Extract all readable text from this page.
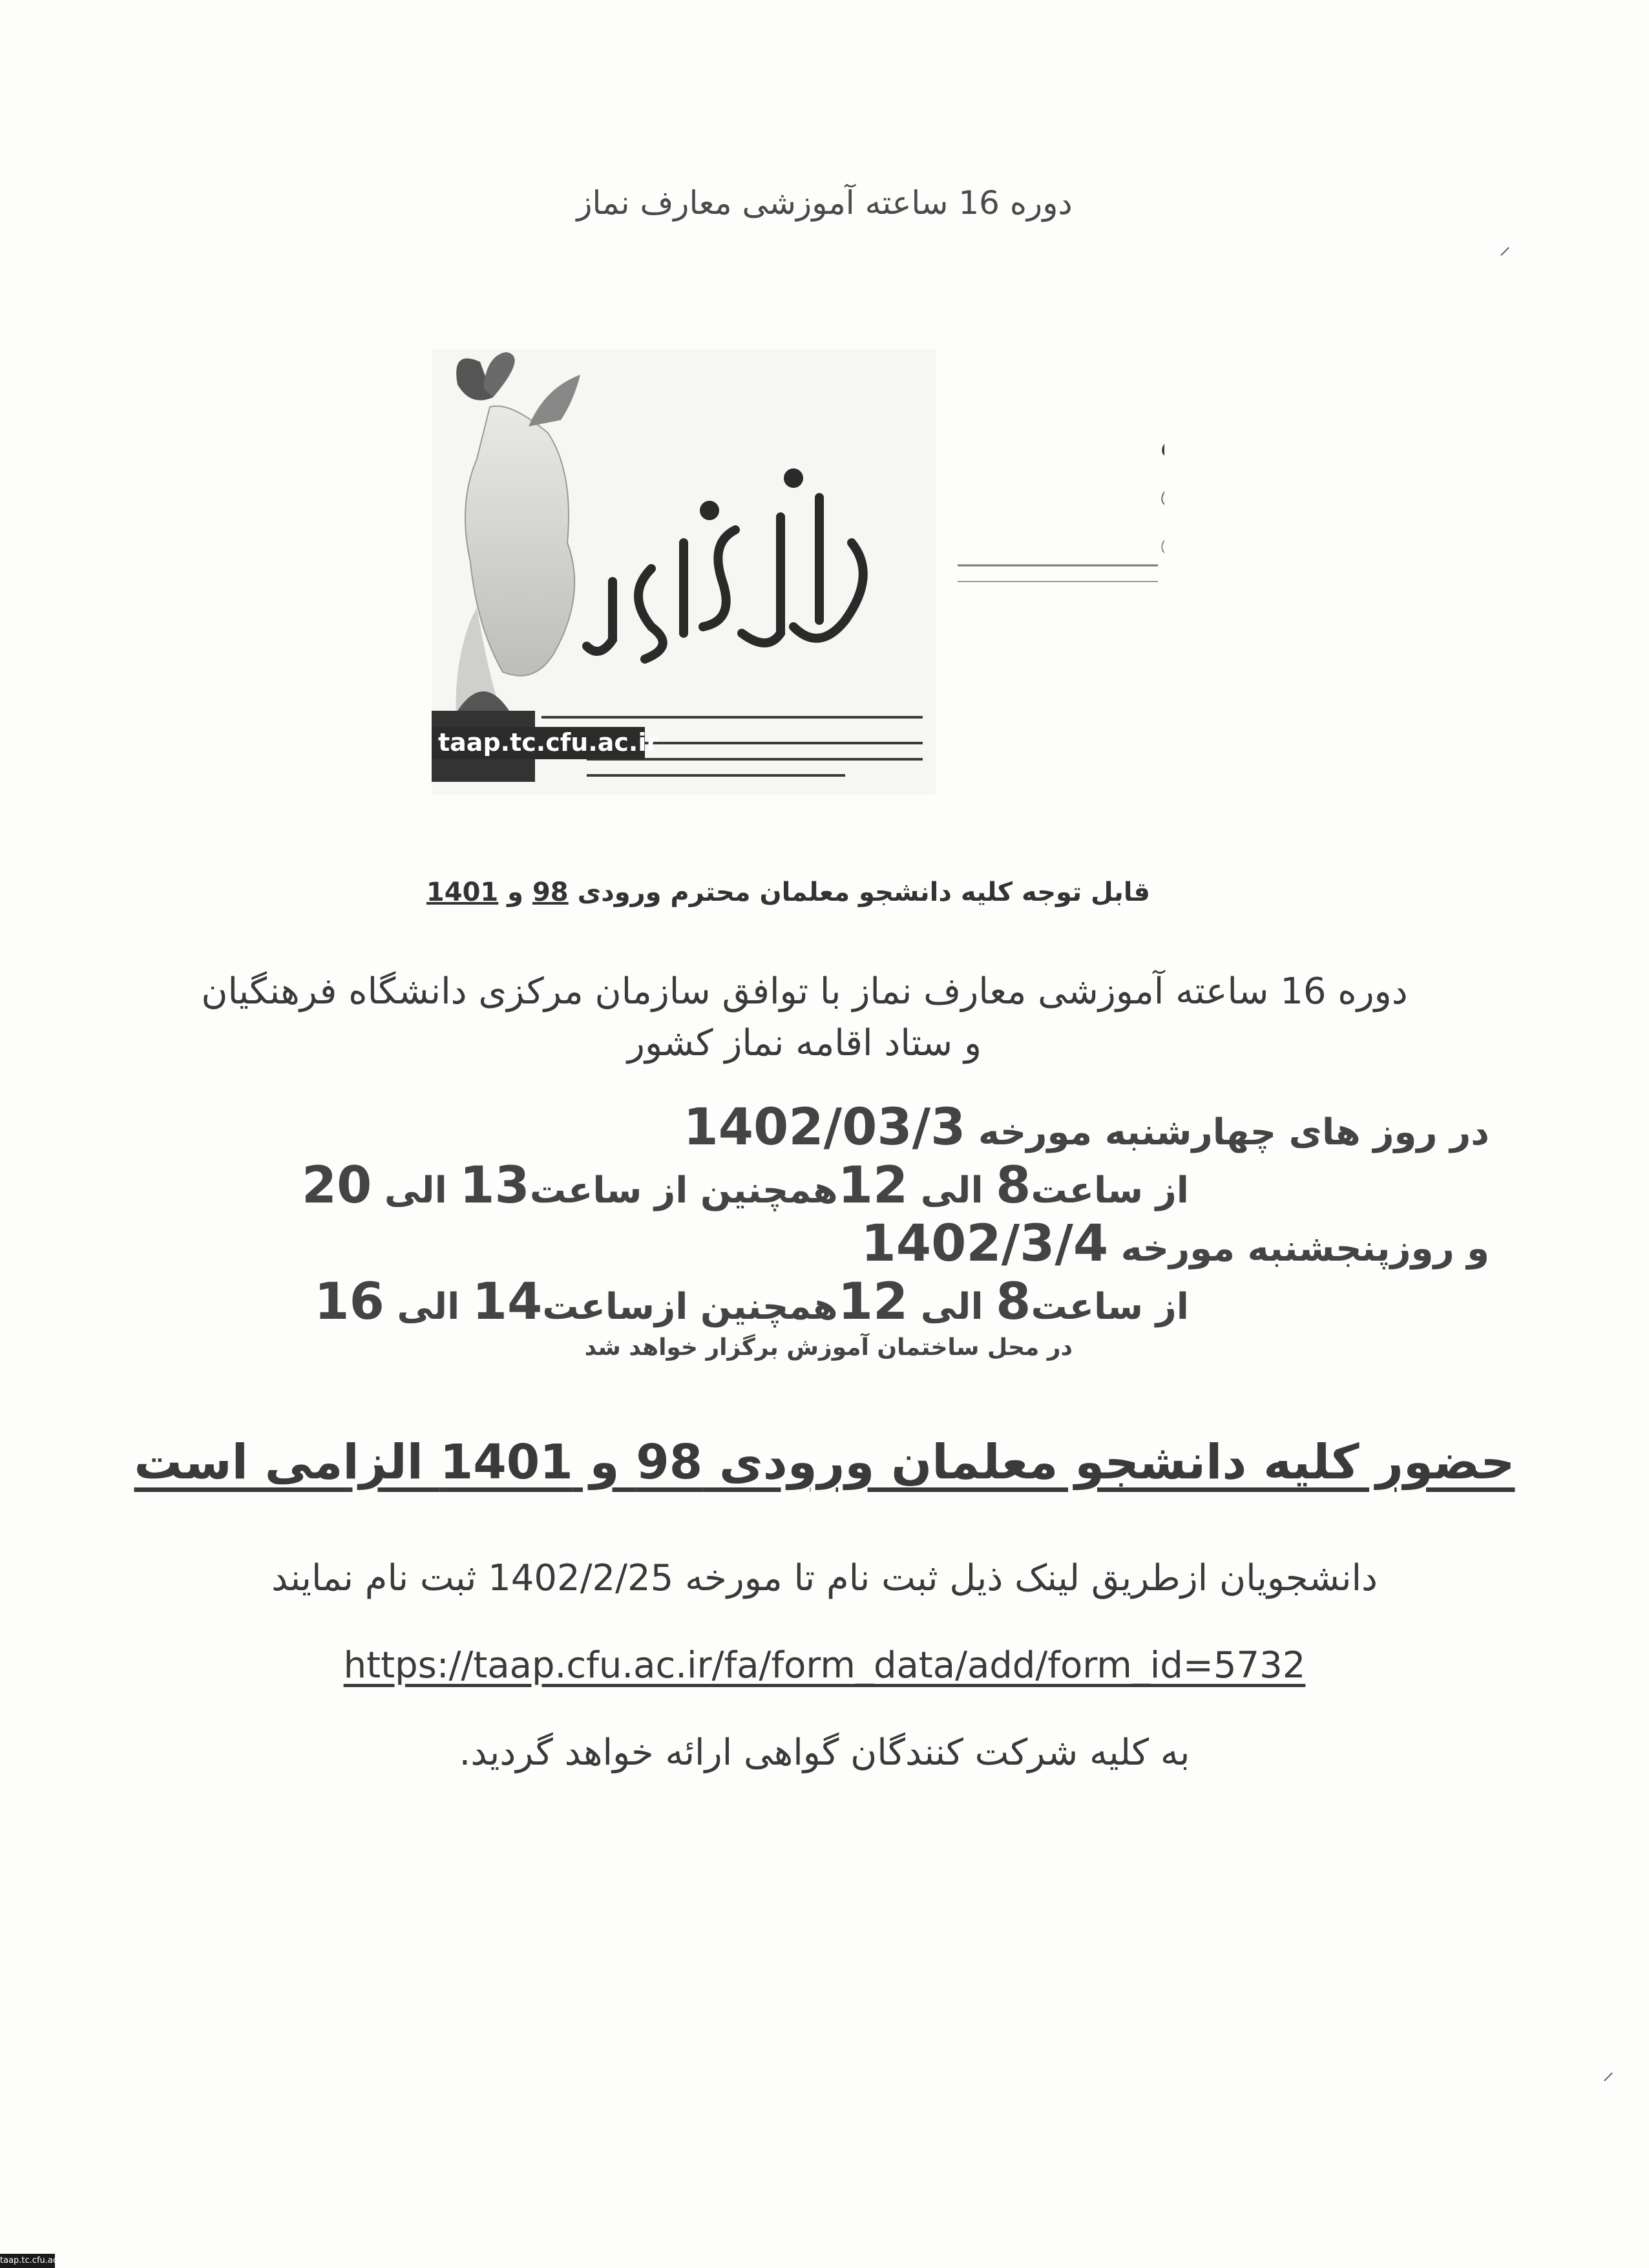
دوره 16 ساعته آموزشی معارف نماز
⸝
⸝
taap.tc.cfu.ac.ir
قابل توجه کلیه دانشجو معلمان محترم ورودی 98 و 1401
دوره 16 ساعته آموزشی معارف نماز با توافق سازمان مرکزی دانشگاه فرهنگیان
و ستاد اقامه نماز کشور
در روز های چهارشنبه مورخه 1402/03/3
از ساعت8 الی 12همچنین از ساعت13 الی 20
و روزپنجشنبه مورخه 1402/3/4
از ساعت8 الی 12همچنین ازساعت14 الی 16
در محل ساختمان آموزش برگزار خواهد شد
حضور کلیه دانشجو معلمان ورودی 98 و 1401 الزامی است
دانشجویان ازطریق لینک ذیل ثبت نام تا مورخه 1402/2/25 ثبت نام نمایند
https://taap.cfu.ac.ir/fa/form_data/add/form_id=5732
به کلیه شرکت کنندگان گواهی ارائه خواهد گردید.
taap.tc.cfu.ac.ir
